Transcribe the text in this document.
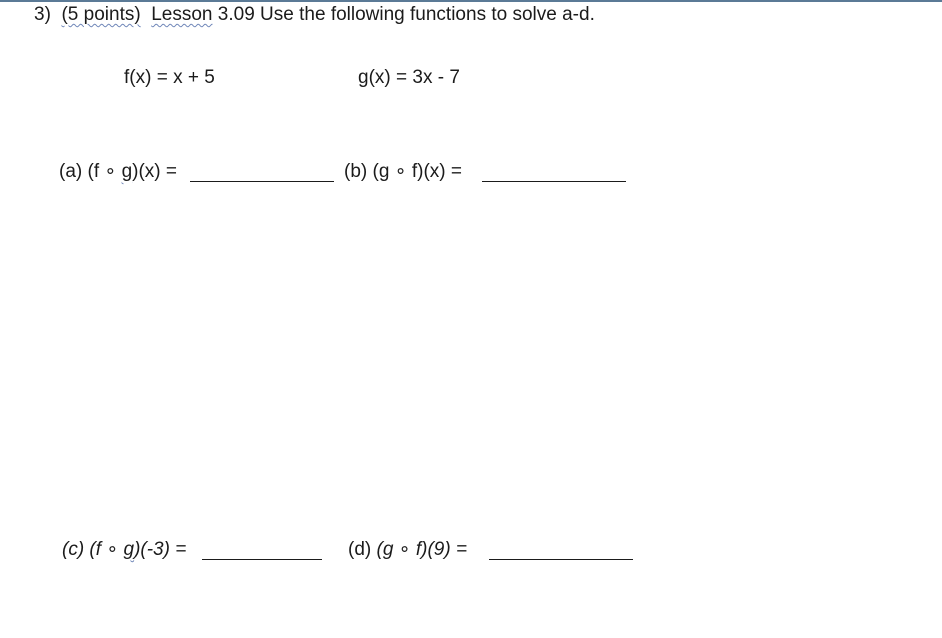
3) (5 points) Lesson 3.09 Use the following functions to solve a-d.
f(x) = x + 5	g(x) = 3x - 7
(a) (f ∘ g)(x) =	(b) (g ∘ f)(x) =
(c) (f ∘ g)(-3) =	(d) (g ∘ f)(9) =
